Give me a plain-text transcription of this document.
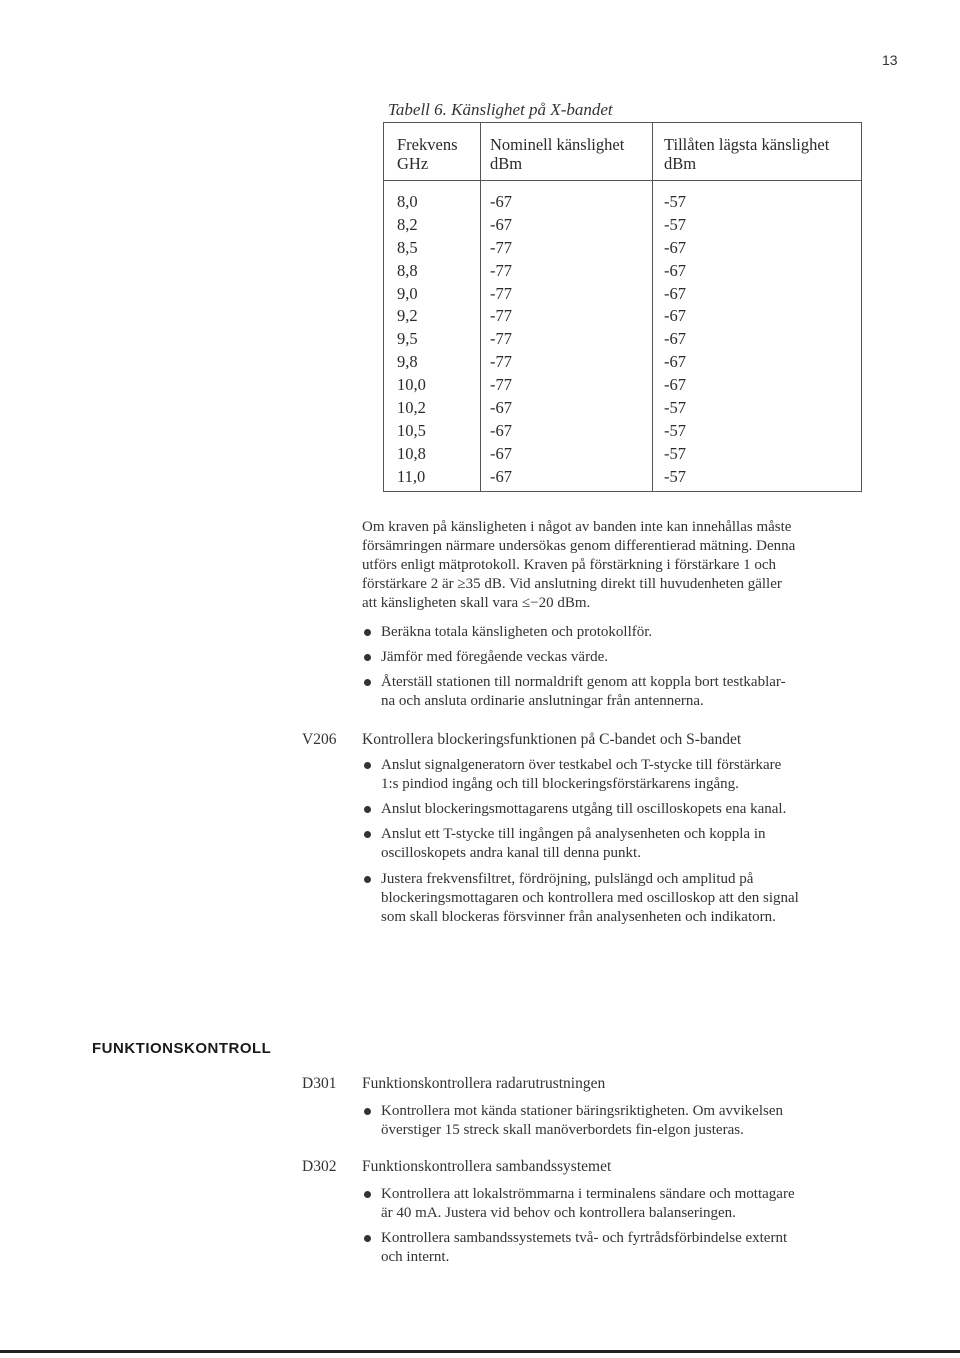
13
Tabell 6. Känslighet på X-bandet
Frekvens
GHz
Nominell känslighet
dBm
Tillåten lägsta känslighet
dBm
8,0
8,2
8,5
8,8
9,0
9,2
9,5
9,8
10,0
10,2
10,5
10,8
11,0
-67
-67
-77
-77
-77
-77
-77
-77
-77
-67
-67
-67
-67
-57
-57
-67
-67
-67
-67
-67
-67
-67
-57
-57
-57
-57
Om kraven på känsligheten i något av banden inte kan innehållas måste
försämringen närmare undersökas genom differentierad mätning. Denna
utförs enligt mätprotokoll. Kraven på förstärkning i förstärkare 1 och
förstärkare 2 är ≥35 dB. Vid anslutning direkt till huvudenheten gäller
att känsligheten skall vara ≤−20 dBm.
Beräkna totala känsligheten och protokollför.
Jämför med föregående veckas värde.
Återställ stationen till normaldrift genom att koppla bort testkablar-
na och ansluta ordinarie anslutningar från antennerna.
V206 Kontrollera blockeringsfunktionen på C-bandet och S-bandet
Anslut signalgeneratorn över testkabel och T-stycke till förstärkare
1:s pindiod ingång och till blockeringsförstärkarens ingång.
Anslut blockeringsmottagarens utgång till oscilloskopets ena kanal.
Anslut ett T-stycke till ingången på analysenheten och koppla in
oscilloskopets andra kanal till denna punkt.
Justera frekvensfiltret, fördröjning, pulslängd och amplitud på
blockeringsmottagaren och kontrollera med oscilloskop att den signal
som skall blockeras försvinner från analysenheten och indikatorn.
FUNKTIONSKONTROLL
D301 Funktionskontrollera radarutrustningen
Kontrollera mot kända stationer bäringsriktigheten. Om avvikelsen
överstiger 15 streck skall manöverbordets fin-elgon justeras.
D302 Funktionskontrollera sambandssystemet
Kontrollera att lokalströmmarna i terminalens sändare och mottagare
är 40 mA. Justera vid behov och kontrollera balanseringen.
Kontrollera sambandssystemets två- och fyrtrådsförbindelse externt
och internt.
